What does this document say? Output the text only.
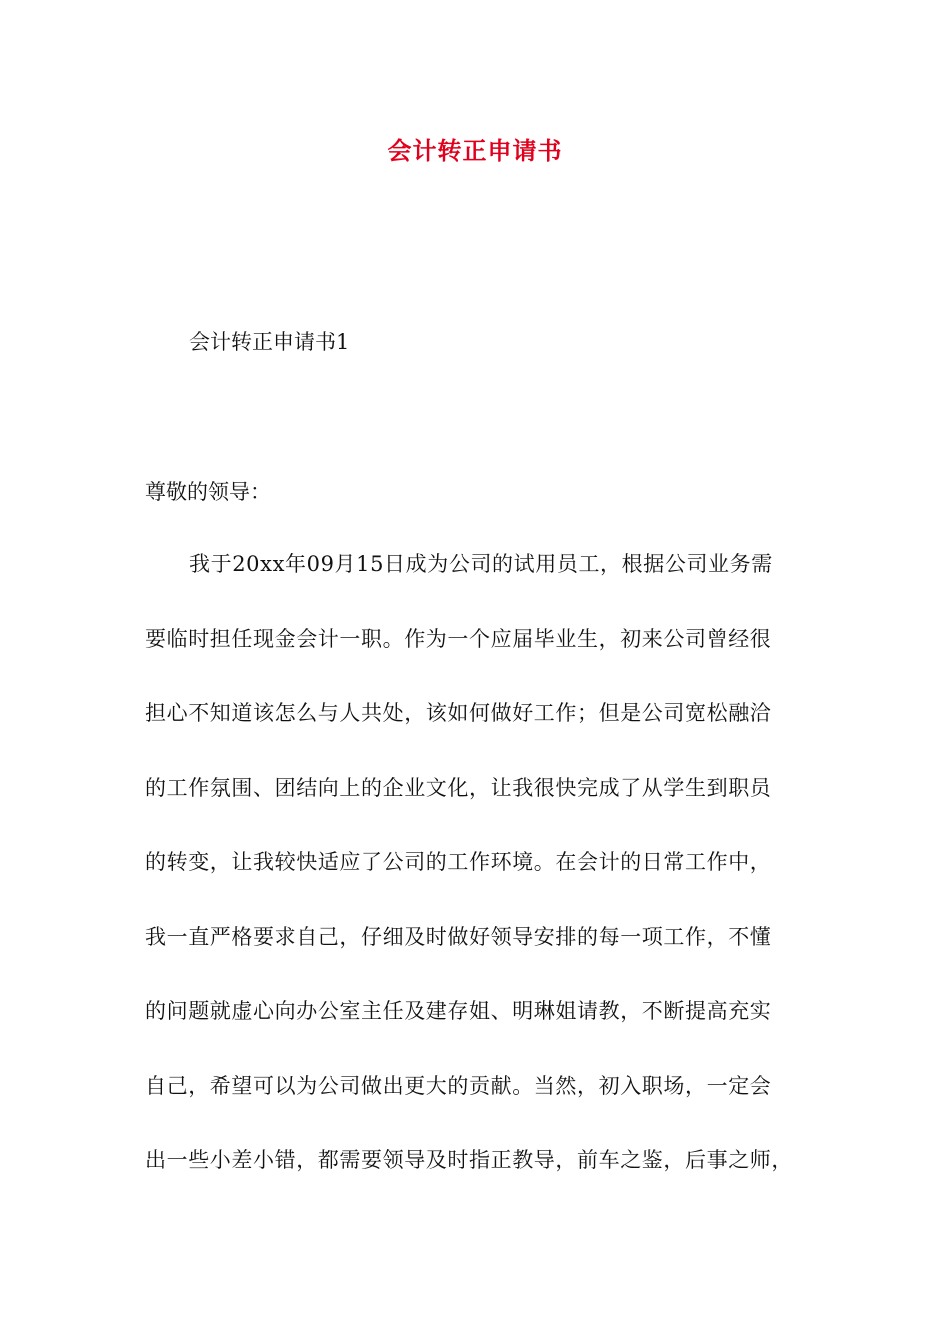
会计转正申请书
会计转正申请书1
尊敬的领导：
我于20xx年09月15日成为公司的试用员工，根据公司业务需
要临时担任现金会计一职。作为一个应届毕业生，初来公司曾经很
担心不知道该怎么与人共处，该如何做好工作；但是公司宽松融洽
的工作氛围、团结向上的企业文化，让我很快完成了从学生到职员
的转变，让我较快适应了公司的工作环境。在会计的日常工作中，
我一直严格要求自己，仔细及时做好领导安排的每一项工作，不懂
的问题就虚心向办公室主任及建存姐、明琳姐请教，不断提高充实
自己，希望可以为公司做出更大的贡献。当然，初入职场，一定会
出一些小差小错，都需要领导及时指正教导，前车之鉴，后事之师，
